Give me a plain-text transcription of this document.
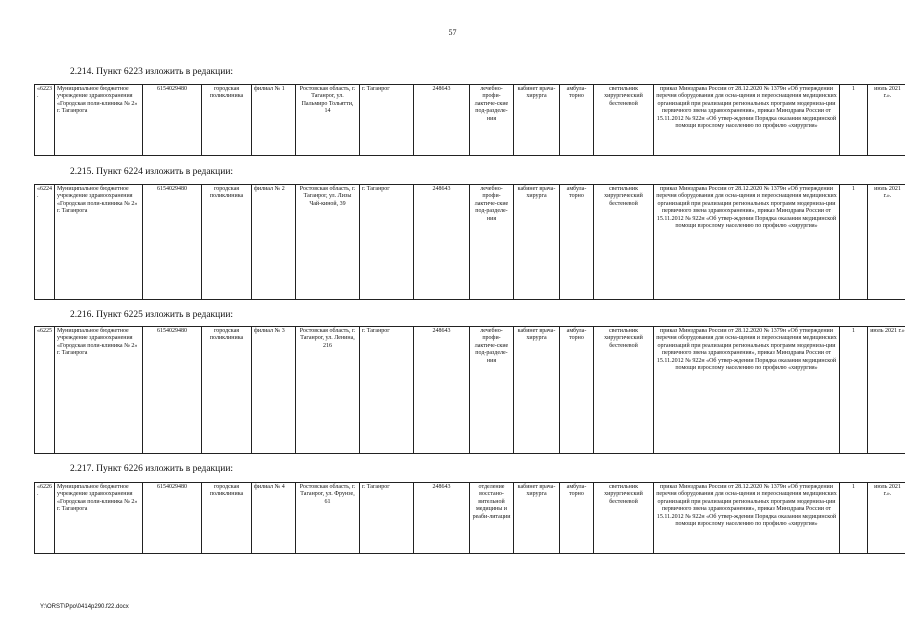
57
2.214. Пункт 6223 изложить в редакции:
«6223.	Муниципальное бюджетное учреждение здравоохранения «Городская поли-клиника № 2» г. Таганрога	6154029480	городская поликлиника	филиал № 1	Ростовская область, г. Таганрог, ул. Пальмиро Тольятти, 14	г. Таганрог	248643	лечебно-профи-лактиче-ские под-разделе-ния	кабинет врача-хирурга	амбула-торно	светильник хирургический бестеневой	приказ Минздрава России от 28.12.2020 № 1379н «Об утверждении перечня оборудования для осна-щения и переоснащения медицинских организаций при реализации региональных программ модерниза-ции первичного звена здравоохранения», приказ Минздрава России от 15.11.2012 № 922н «Об утвер-ждении Порядка оказания медицинской помощи взрослому населению по профилю «хирургия»	1	июль 2021 г.».
2.215. Пункт 6224 изложить в редакции:
«6224.	Муниципальное бюджетное учреждение здравоохранения «Городская поли-клиника № 2» г. Таганрога	6154029480	городская поликлиника	филиал № 2	Ростовская область, г. Таганрог, ул. Лизы Чай-киной, 39	г. Таганрог	248643	лечебно-профи-лактиче-ские под-разделе-ния	кабинет врача-хирурга	амбула-торно	светильник хирургический бестеневой	приказ Минздрава России от 28.12.2020 № 1379н «Об утверждении перечня оборудования для осна-щения и переоснащения медицинских организаций при реализации региональных программ модерниза-ции первичного звена здравоохранения», приказ Минздрава России от 15.11.2012 № 922н «Об утвер-ждении Порядка оказания медицинской помощи взрослому населению по профилю «хирургия»	1	июль 2021 г.».
2.216. Пункт 6225 изложить в редакции:
«6225	Муниципальное бюджетное учреждение здравоохранения «Городская поли-клиника № 2» г. Таганрога	6154029480	городская поликлиника	филиал № 3	Ростовская область, г. Таганрог, ул. Ленина, 216	г. Таганрог	248643	лечебно-профи-лактиче-ские под-разделе-ния	кабинет врача-хирурга	амбула-торно	светильник хирургический бестеневой	приказ Минздрава России от 28.12.2020 № 1379н «Об утверждении перечня оборудования для осна-щения и переоснащения медицинских организаций при реализации региональных программ модерниза-ции первичного звена здравоохранения», приказ Минздрава России от 15.11.2012 № 922н «Об утвер-ждении Порядка оказания медицинской помощи взрослому населению по профилю «хирургия»	1	июль 2021 г.»
2.217. Пункт 6226 изложить в редакции:
«6226.	Муниципальное бюджетное учреждение здравоохранения «Городская поли-клиника № 2» г. Таганрога	6154029480	городская поликлиника	филиал № 4	Ростовская область, г. Таганрог, ул. Фрунзе, 61	г. Таганрог	248643	отделение восстано-вительной медицины и реаби-литации	кабинет врача-хирурга	амбула-торно	светильник хирургический бестеневой	приказ Минздрава России от 28.12.2020 № 1379н «Об утверждении перечня оборудования для осна-щения и переоснащения медицинских организаций при реализации региональных программ модерниза-ции первичного звена здравоохранения», приказ Минздрава России от 15.11.2012 № 922н «Об утвер-ждении Порядка оказания медицинской помощи взрослому населению по профилю «хирургия»	1	июль 2021 г.».
Y:\ORST\Ppo\0414p290.f22.docx
